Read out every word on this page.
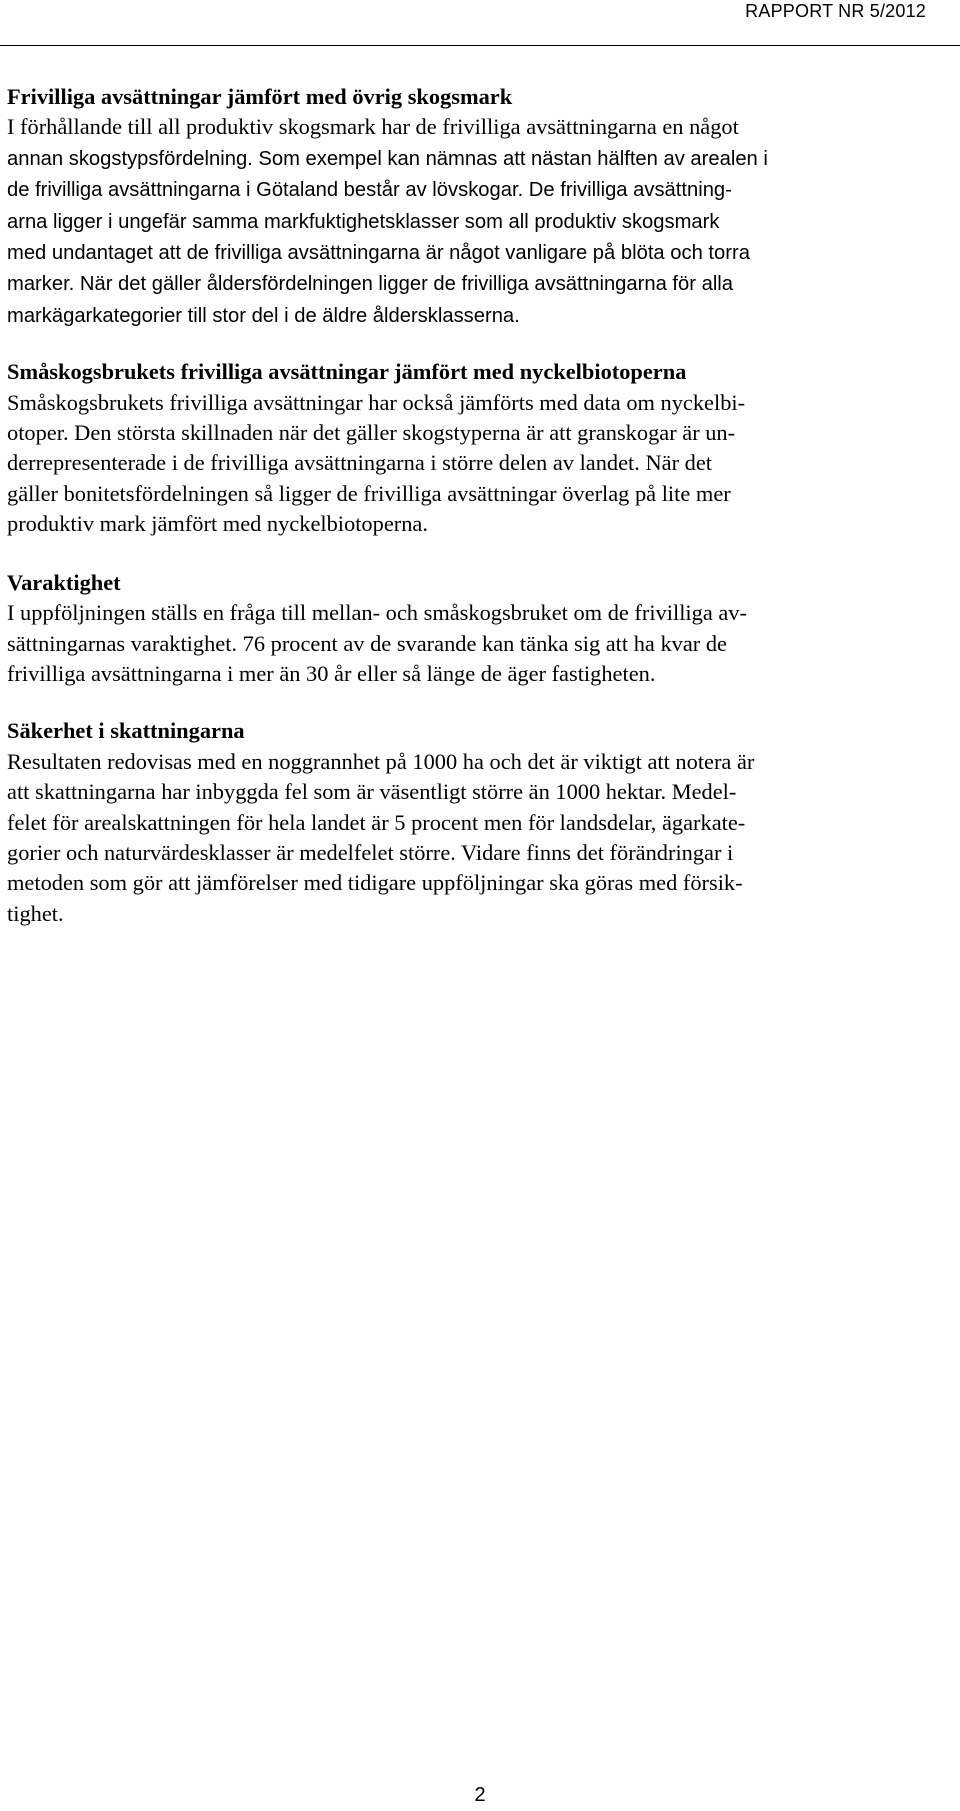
RAPPORT NR 5/2012

Frivilliga avsättningar jämfört med övrig skogsmark

I förhållande till all produktiv skogsmark har de frivilliga avsättningarna en något
annan skogstypsfördelning. Som exempel kan nämnas att nästan hälften av arealen i
de frivilliga avsättningarna i Götaland består av lövskogar. De frivilliga avsättning-
arna ligger i ungefär samma markfuktighetsklasser som all produktiv skogsmark
med undantaget att de frivilliga avsättningarna är något vanligare på blöta och torra
marker. När det gäller åldersfördelningen ligger de frivilliga avsättningarna för alla
markägarkategorier till stor del i de äldre åldersklasserna.

Småskogsbrukets frivilliga avsättningar jämfört med nyckelbiotoperna

Småskogsbrukets frivilliga avsättningar har också jämförts med data om nyckelbi-
otoper. Den största skillnaden när det gäller skogstyperna är att granskogar är un-
derrepresenterade i de frivilliga avsättningarna i större delen av landet. När det
gäller bonitetsfördelningen så ligger de frivilliga avsättningar överlag på lite mer
produktiv mark jämfört med nyckelbiotoperna.

Varaktighet

I uppföljningen ställs en fråga till mellan- och småskogsbruket om de frivilliga av-
sättningarnas varaktighet. 76 procent av de svarande kan tänka sig att ha kvar de
frivilliga avsättningarna i mer än 30 år eller så länge de äger fastigheten.

Säkerhet i skattningarna

Resultaten redovisas med en noggrannhet på 1000 ha och det är viktigt att notera är
att skattningarna har inbyggda fel som är väsentligt större än 1000 hektar. Medel-
felet för arealskattningen för hela landet är 5 procent men för landsdelar, ägarkate-
gorier och naturvärdesklasser är medelfelet större. Vidare finns det förändringar i
metoden som gör att jämförelser med tidigare uppföljningar ska göras med försik-
tighet.

2
